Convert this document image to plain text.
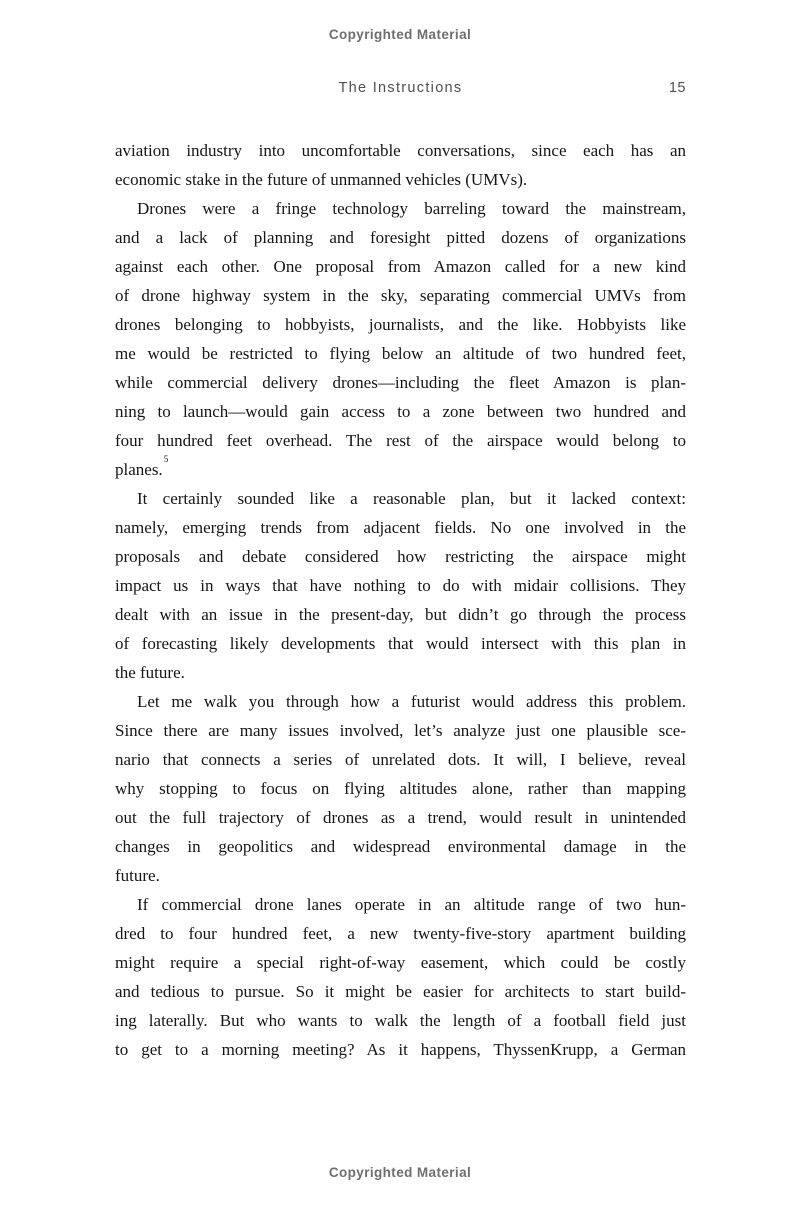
Copyrighted Material
The Instructions	15
aviation industry into uncomfortable conversations, since each has an
economic stake in the future of unmanned vehicles (UMVs).
Drones were a fringe technology barreling toward the mainstream,
and a lack of planning and foresight pitted dozens of organizations
against each other. One proposal from Amazon called for a new kind
of drone highway system in the sky, separating commercial UMVs from
drones belonging to hobbyists, journalists, and the like. Hobbyists like
me would be restricted to flying below an altitude of two hundred feet,
while commercial delivery drones—including the fleet Amazon is plan-
ning to launch—would gain access to a zone between two hundred and
four hundred feet overhead. The rest of the airspace would belong to
planes.$^5$
It certainly sounded like a reasonable plan, but it lacked context:
namely, emerging trends from adjacent fields. No one involved in the
proposals and debate considered how restricting the airspace might
impact us in ways that have nothing to do with midair collisions. They
dealt with an issue in the present-day, but didn’t go through the process
of forecasting likely developments that would intersect with this plan in
the future.
Let me walk you through how a futurist would address this problem.
Since there are many issues involved, let’s analyze just one plausible sce-
nario that connects a series of unrelated dots. It will, I believe, reveal
why stopping to focus on flying altitudes alone, rather than mapping
out the full trajectory of drones as a trend, would result in unintended
changes in geopolitics and widespread environmental damage in the
future.
If commercial drone lanes operate in an altitude range of two hun-
dred to four hundred feet, a new twenty-five-story apartment building
might require a special right-of-way easement, which could be costly
and tedious to pursue. So it might be easier for architects to start build-
ing laterally. But who wants to walk the length of a football field just
to get to a morning meeting? As it happens, ThyssenKrupp, a German
Copyrighted Material
